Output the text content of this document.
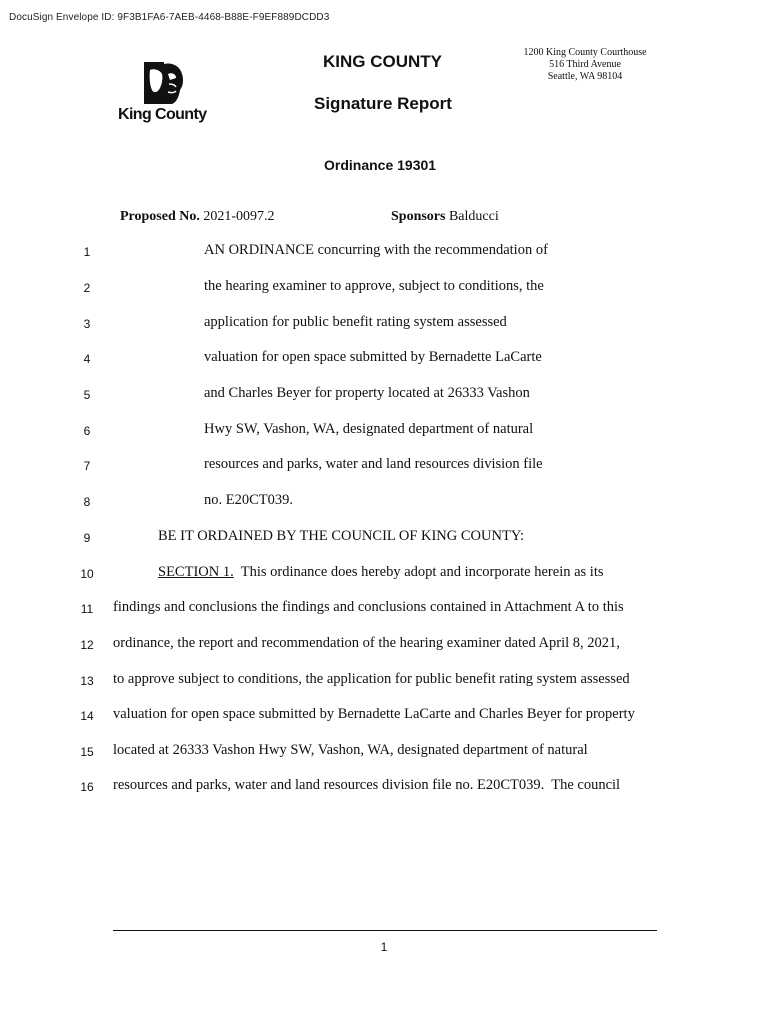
DocuSign Envelope ID: 9F3B1FA6-7AEB-4468-B88E-F9EF889DCDD3
King County
KING COUNTY
Signature Report
1200 King County Courthouse
516 Third Avenue
Seattle, WA 98104
Ordinance 19301
Proposed No. 2021-0097.2	Sponsors Balducci
1	AN ORDINANCE concurring with the recommendation of
2	the hearing examiner to approve, subject to conditions, the
3	application for public benefit rating system assessed
4	valuation for open space submitted by Bernadette LaCarte
5	and Charles Beyer for property located at 26333 Vashon
6	Hwy SW, Vashon, WA, designated department of natural
7	resources and parks, water and land resources division file
8	no. E20CT039.
9	BE IT ORDAINED BY THE COUNCIL OF KING COUNTY:
10	SECTION 1.  This ordinance does hereby adopt and incorporate herein as its
11 findings and conclusions the findings and conclusions contained in Attachment A to this
12 ordinance, the report and recommendation of the hearing examiner dated April 8, 2021,
13 to approve subject to conditions, the application for public benefit rating system assessed
14 valuation for open space submitted by Bernadette LaCarte and Charles Beyer for property
15 located at 26333 Vashon Hwy SW, Vashon, WA, designated department of natural
16 resources and parks, water and land resources division file no. E20CT039.  The council
1
